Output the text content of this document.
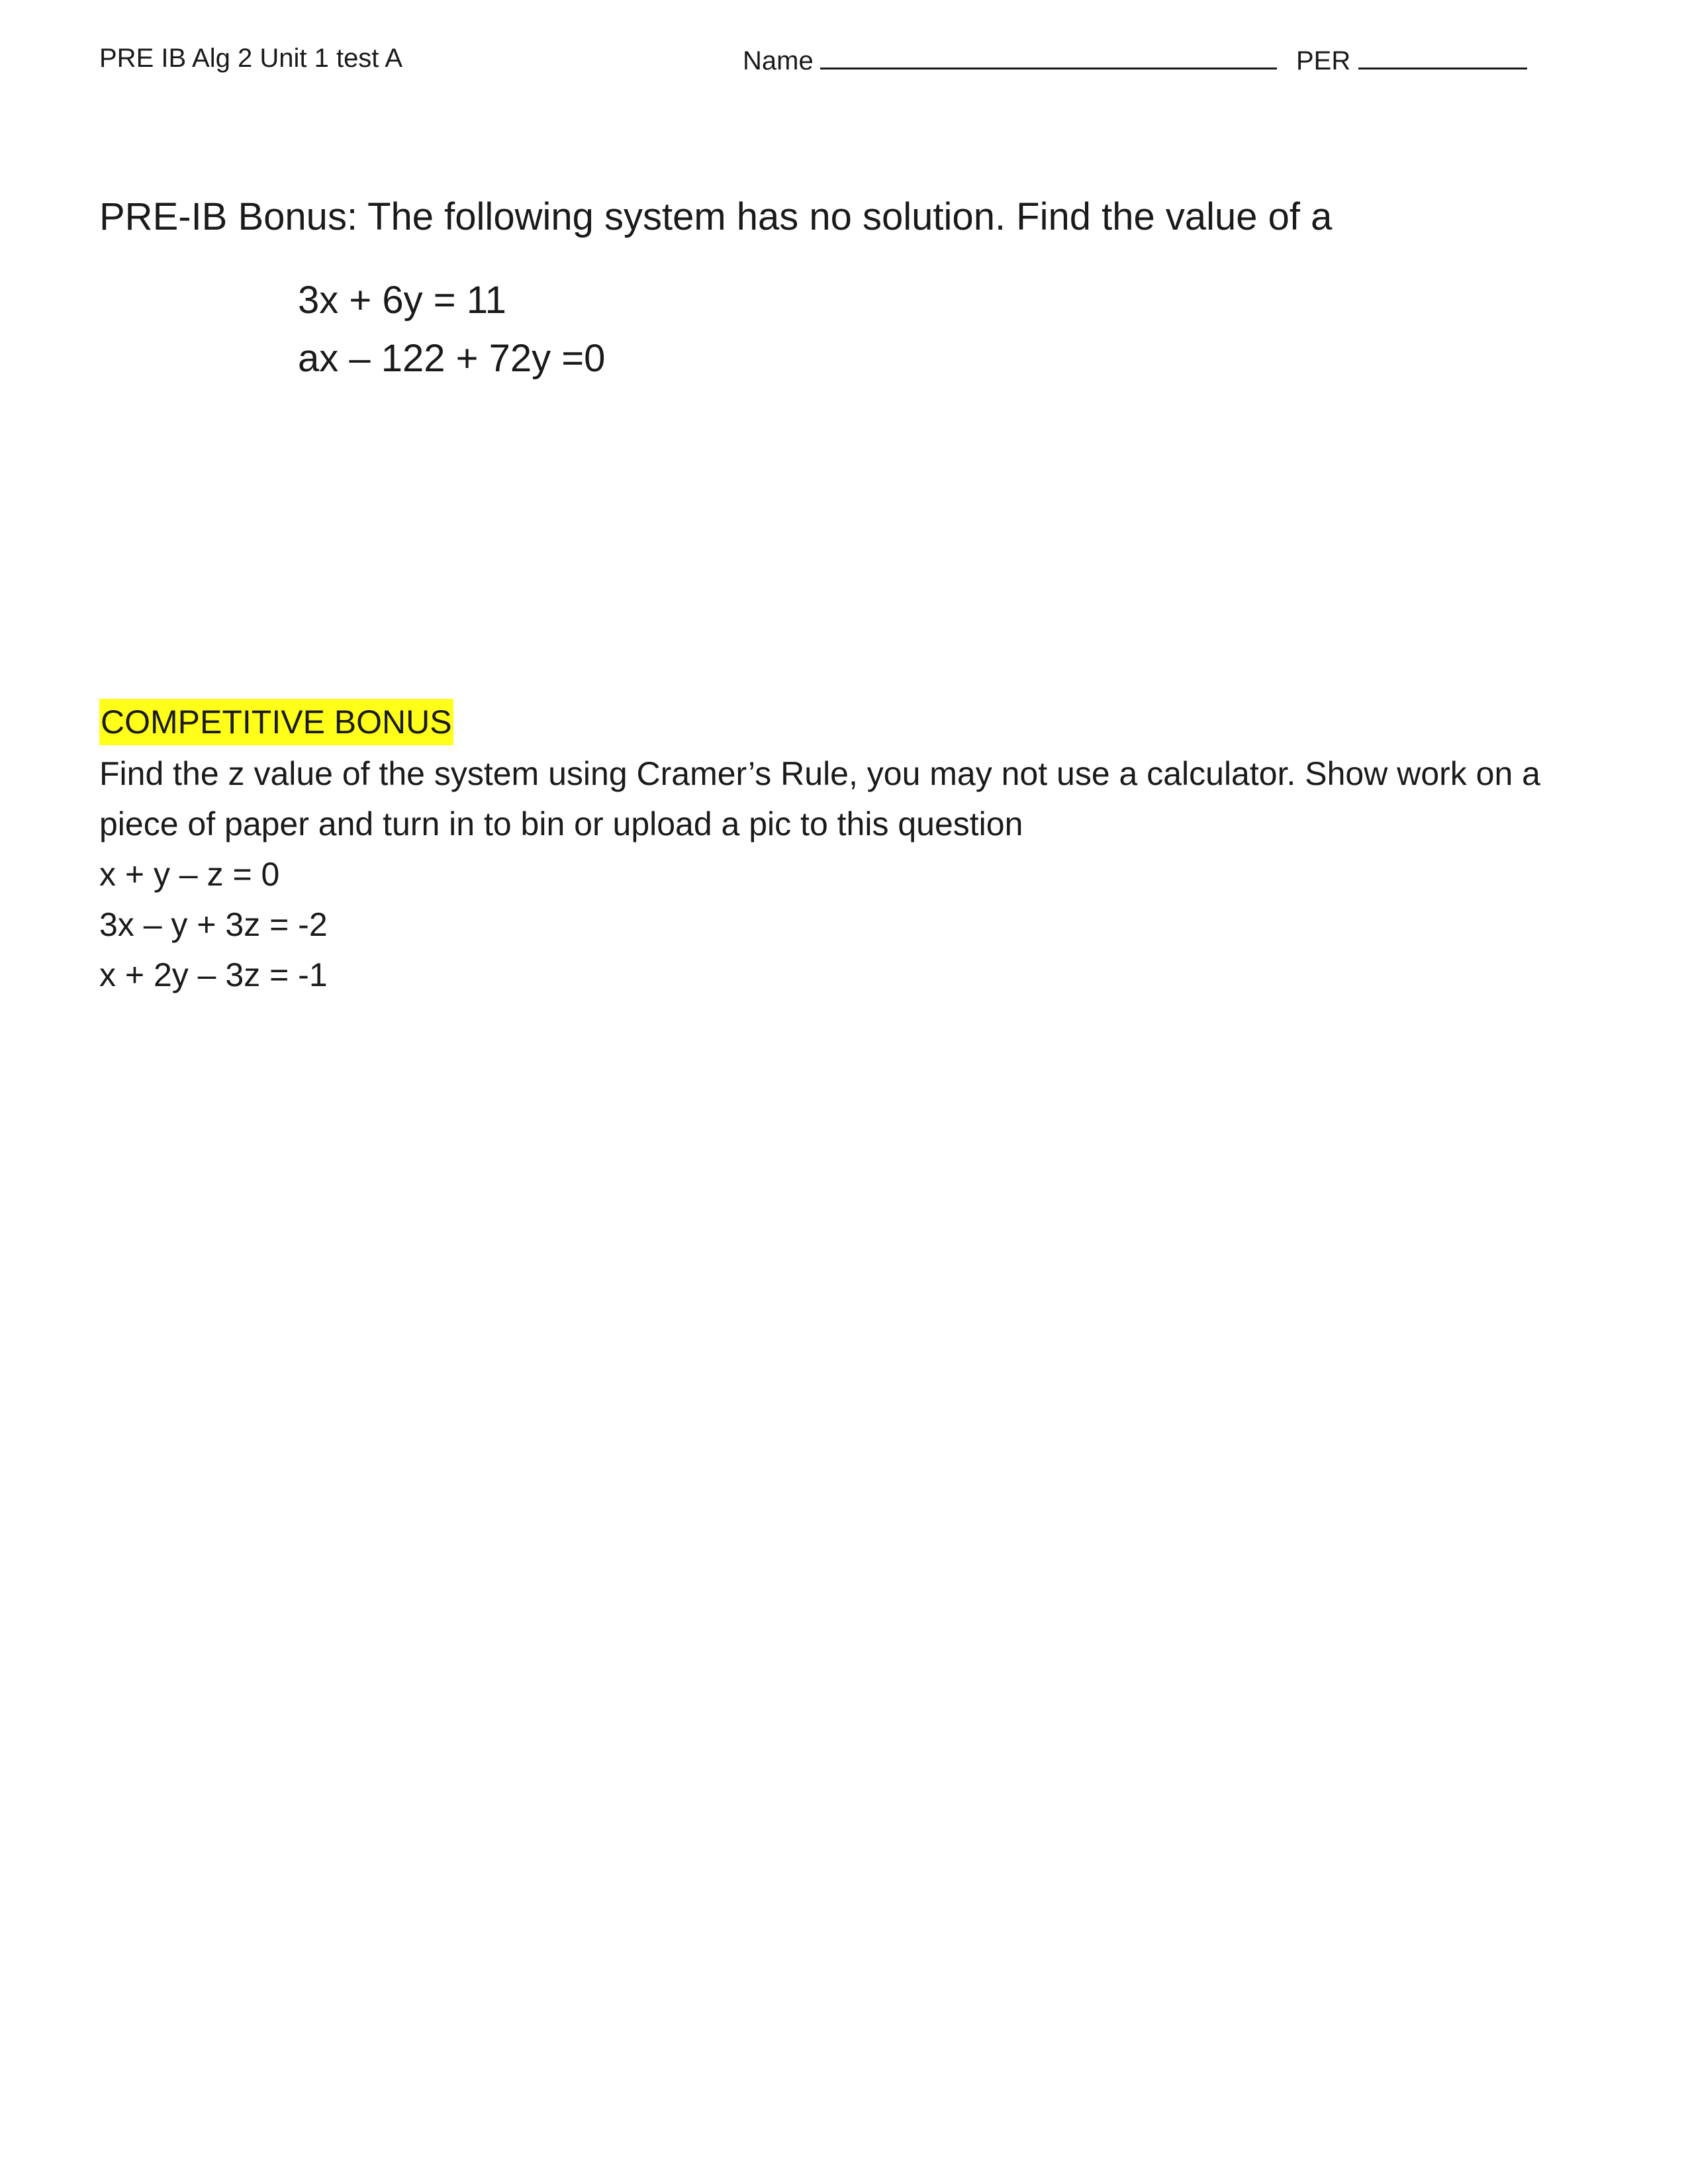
PRE IB Alg 2 Unit 1 test A	Name	PER
PRE-IB Bonus: The following system has no solution. Find the value of a
3x + 6y = 11
ax – 122 + 72y =0
COMPETITIVE BONUS
Find the z value of the system using Cramer’s Rule, you may not use a calculator. Show work on a piece of paper and turn in to bin or upload a pic to this question
x + y – z = 0
3x – y + 3z = -2
x + 2y – 3z = -1
